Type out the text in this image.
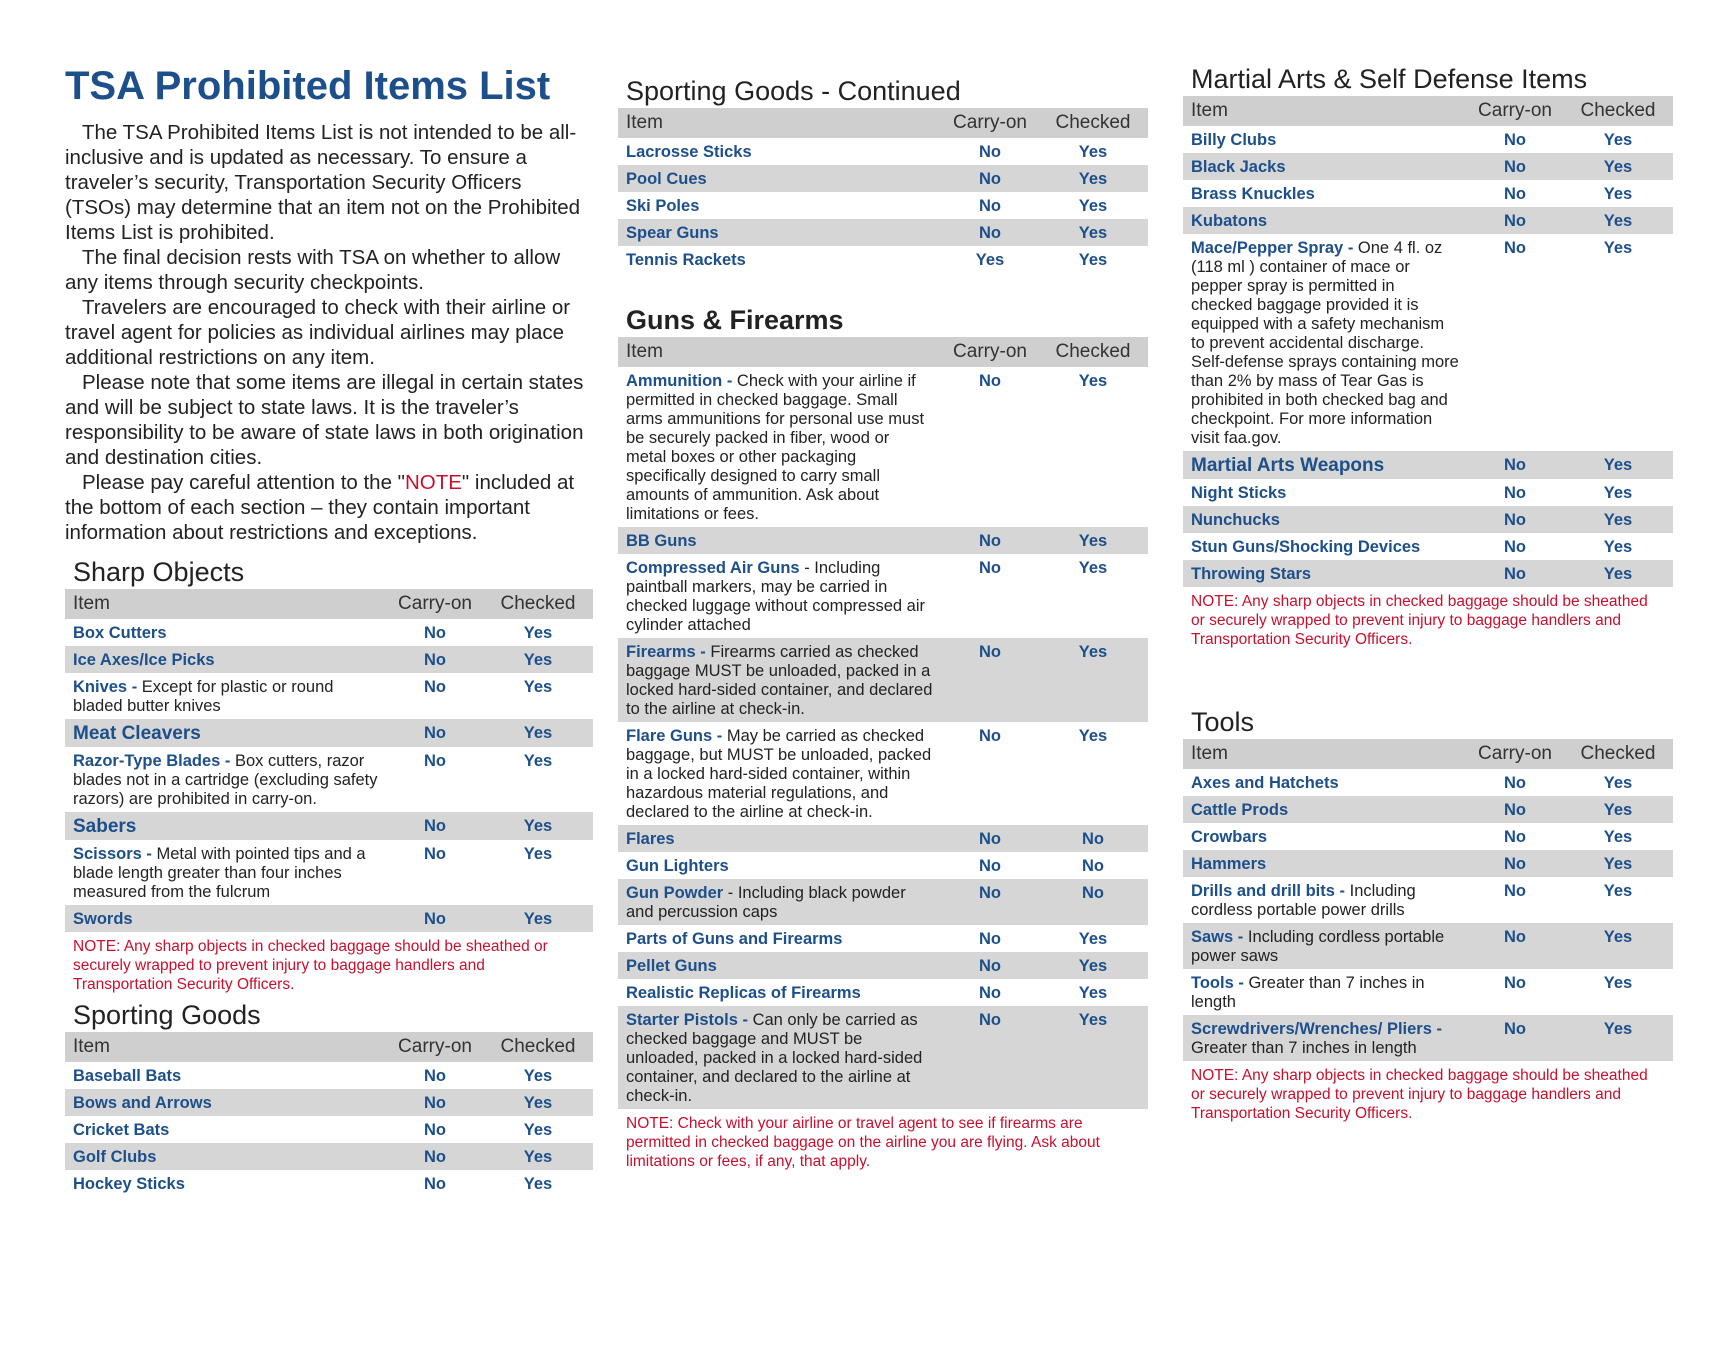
TSA Prohibited Items List

The TSA Prohibited Items List is not intended to be all-inclusive and is updated as necessary. To ensure a traveler’s security, Transportation Security Officers (TSOs) may determine that an item not on the Prohibited Items List is prohibited.

The final decision rests with TSA on whether to allow any items through security checkpoints.

Travelers are encouraged to check with their airline or travel agent for policies as individual airlines may place additional restrictions on any item.

Please note that some items are illegal in certain states and will be subject to state laws. It is the traveler’s responsibility to be aware of state laws in both origination and destination cities.

Please pay careful attention to the "NOTE" included at the bottom of each section – they contain important information about restrictions and exceptions.

Sharp Objects
Item	Carry-on	Checked
Box Cutters	No	Yes
Ice Axes/Ice Picks	No	Yes
Knives - Except for plastic or round bladed butter knives	No	Yes
Meat Cleavers	No	Yes
Razor-Type Blades - Box cutters, razor blades not in a cartridge (excluding safety razors) are prohibited in carry-on.	No	Yes
Sabers	No	Yes
Scissors - Metal with pointed tips and a blade length greater than four inches measured from the fulcrum	No	Yes
Swords	No	Yes
NOTE: Any sharp objects in checked baggage should be sheathed or securely wrapped to prevent injury to baggage handlers and Transportation Security Officers.
Sporting Goods
Item	Carry-on	Checked
Baseball Bats	No	Yes
Bows and Arrows	No	Yes
Cricket Bats	No	Yes
Golf Clubs	No	Yes
Hockey Sticks	No	Yes
Sporting Goods - Continued
Item	Carry-on	Checked
Lacrosse Sticks	No	Yes
Pool Cues	No	Yes
Ski Poles	No	Yes
Spear Guns	No	Yes
Tennis Rackets	Yes	Yes
Guns & Firearms
Item	Carry-on	Checked
Ammunition - Check with your airline if permitted in checked baggage. Small arms ammunitions for personal use must be securely packed in fiber, wood or metal boxes or other packaging specifically designed to carry small amounts of ammunition. Ask about limitations or fees.	No	Yes
BB Guns	No	Yes
Compressed Air Guns - Including paintball markers, may be carried in checked luggage without compressed air cylinder attached	No	Yes
Firearms - Firearms carried as checked baggage MUST be unloaded, packed in a locked hard-sided container, and declared to the airline at check-in.	No	Yes
Flare Guns - May be carried as checked baggage, but MUST be unloaded, packed in a locked hard-sided container, within hazardous material regulations, and declared to the airline at check-in.	No	Yes
Flares	No	No
Gun Lighters	No	No
Gun Powder - Including black powder and percussion caps	No	No
Parts of Guns and Firearms	No	Yes
Pellet Guns	No	Yes
Realistic Replicas of Firearms	No	Yes
Starter Pistols - Can only be carried as checked baggage and MUST be unloaded, packed in a locked hard-sided container, and declared to the airline at check-in.	No	Yes
NOTE: Check with your airline or travel agent to see if firearms are permitted in checked baggage on the airline you are flying. Ask about limitations or fees, if any, that apply.
Martial Arts & Self Defense Items
Item	Carry-on	Checked
Billy Clubs	No	Yes
Black Jacks	No	Yes
Brass Knuckles	No	Yes
Kubatons	No	Yes
Mace/Pepper Spray - One 4 fl. oz (118 ml ) container of mace or pepper spray is permitted in checked baggage provided it is equipped with a safety mechanism to prevent accidental discharge. Self-defense sprays containing more than 2% by mass of Tear Gas is prohibited in both checked bag and checkpoint. For more information visit faa.gov.	No	Yes
Martial Arts Weapons	No	Yes
Night Sticks	No	Yes
Nunchucks	No	Yes
Stun Guns/Shocking Devices	No	Yes
Throwing Stars	No	Yes
NOTE: Any sharp objects in checked baggage should be sheathed or securely wrapped to prevent injury to baggage handlers and Transportation Security Officers.
Tools
Item	Carry-on	Checked
Axes and Hatchets	No	Yes
Cattle Prods	No	Yes
Crowbars	No	Yes
Hammers	No	Yes
Drills and drill bits - Including cordless portable power drills	No	Yes
Saws - Including cordless portable power saws	No	Yes
Tools - Greater than 7 inches in length	No	Yes
Screwdrivers/Wrenches/ Pliers - Greater than 7 inches in length	No	Yes
NOTE: Any sharp objects in checked baggage should be sheathed or securely wrapped to prevent injury to baggage handlers and Transportation Security Officers.
